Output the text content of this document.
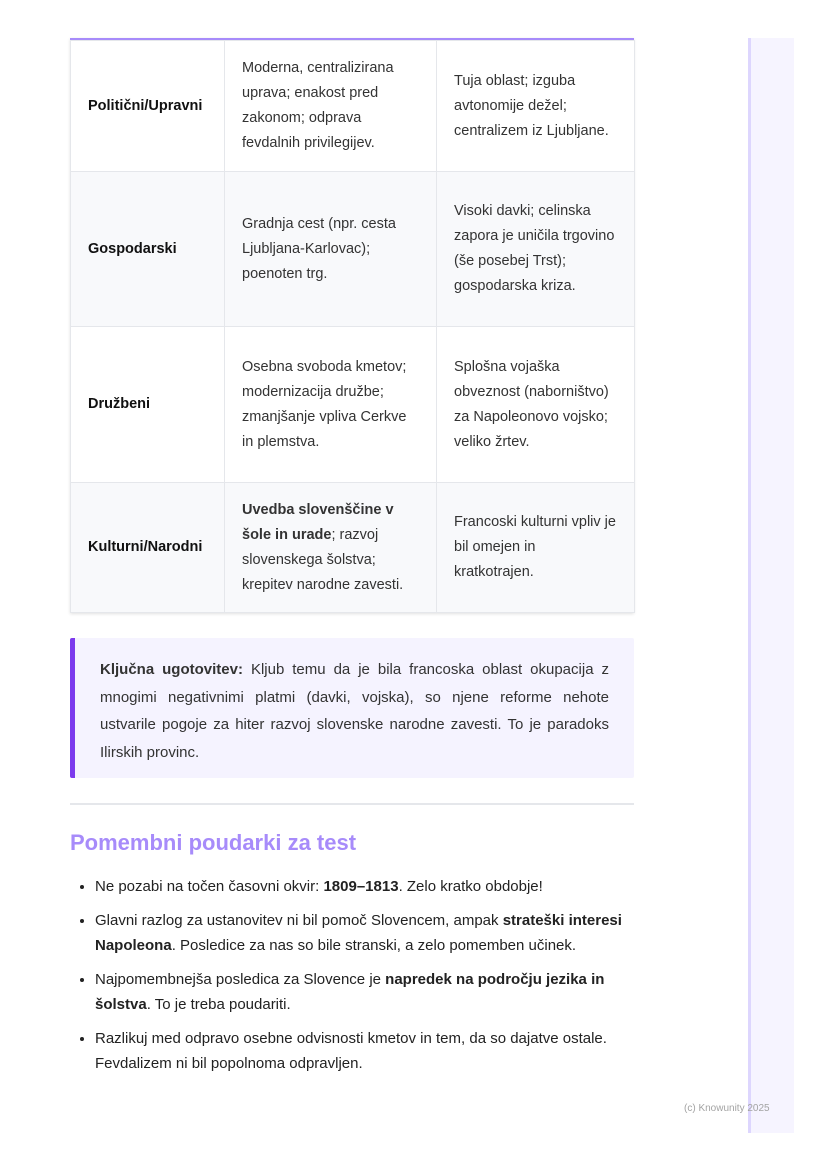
Politični/Upravni	Moderna, centralizirana uprava; enakost pred zakonom; odprava fevdalnih privilegijev.	Tuja oblast; izguba avtonomije dežel; centralizem iz Ljubljane.
Gospodarski	Gradnja cest (npr. cesta Ljubljana-Karlovac); poenoten trg.	Visoki davki; celinska zapora je uničila trgovino (še posebej Trst); gospodarska kriza.
Družbeni	Osebna svoboda kmetov; modernizacija družbe; zmanjšanje vpliva Cerkve in plemstva.	Splošna vojaška obveznost (naborništvo) za Napoleonovo vojsko; veliko žrtev.
Kulturni/Narodni	Uvedba slovenščine v šole in urade; razvoj slovenskega šolstva; krepitev narodne zavesti.	Francoski kulturni vpliv je bil omejen in kratkotrajen.

Ključna ugotovitev: Kljub temu da je bila francoska oblast okupacija z mnogimi negativnimi platmi (davki, vojska), so njene reforme nehote ustvarile pogoje za hiter razvoj slovenske narodne zavesti. To je paradoks Ilirskih provinc.

Pomembni poudarki za test
• Ne pozabi na točen časovni okvir: 1809–1813. Zelo kratko obdobje!
• Glavni razlog za ustanovitev ni bil pomoč Slovencem, ampak strateški interesi Napoleona. Posledice za nas so bile stranski, a zelo pomemben učinek.
• Najpomembnejša posledica za Slovence je napredek na področju jezika in šolstva. To je treba poudariti.
• Razlikuj med odpravo osebne odvisnosti kmetov in tem, da so dajatve ostale. Fevdalizem ni bil popolnoma odpravljen.
(c) Knowunity 2025
